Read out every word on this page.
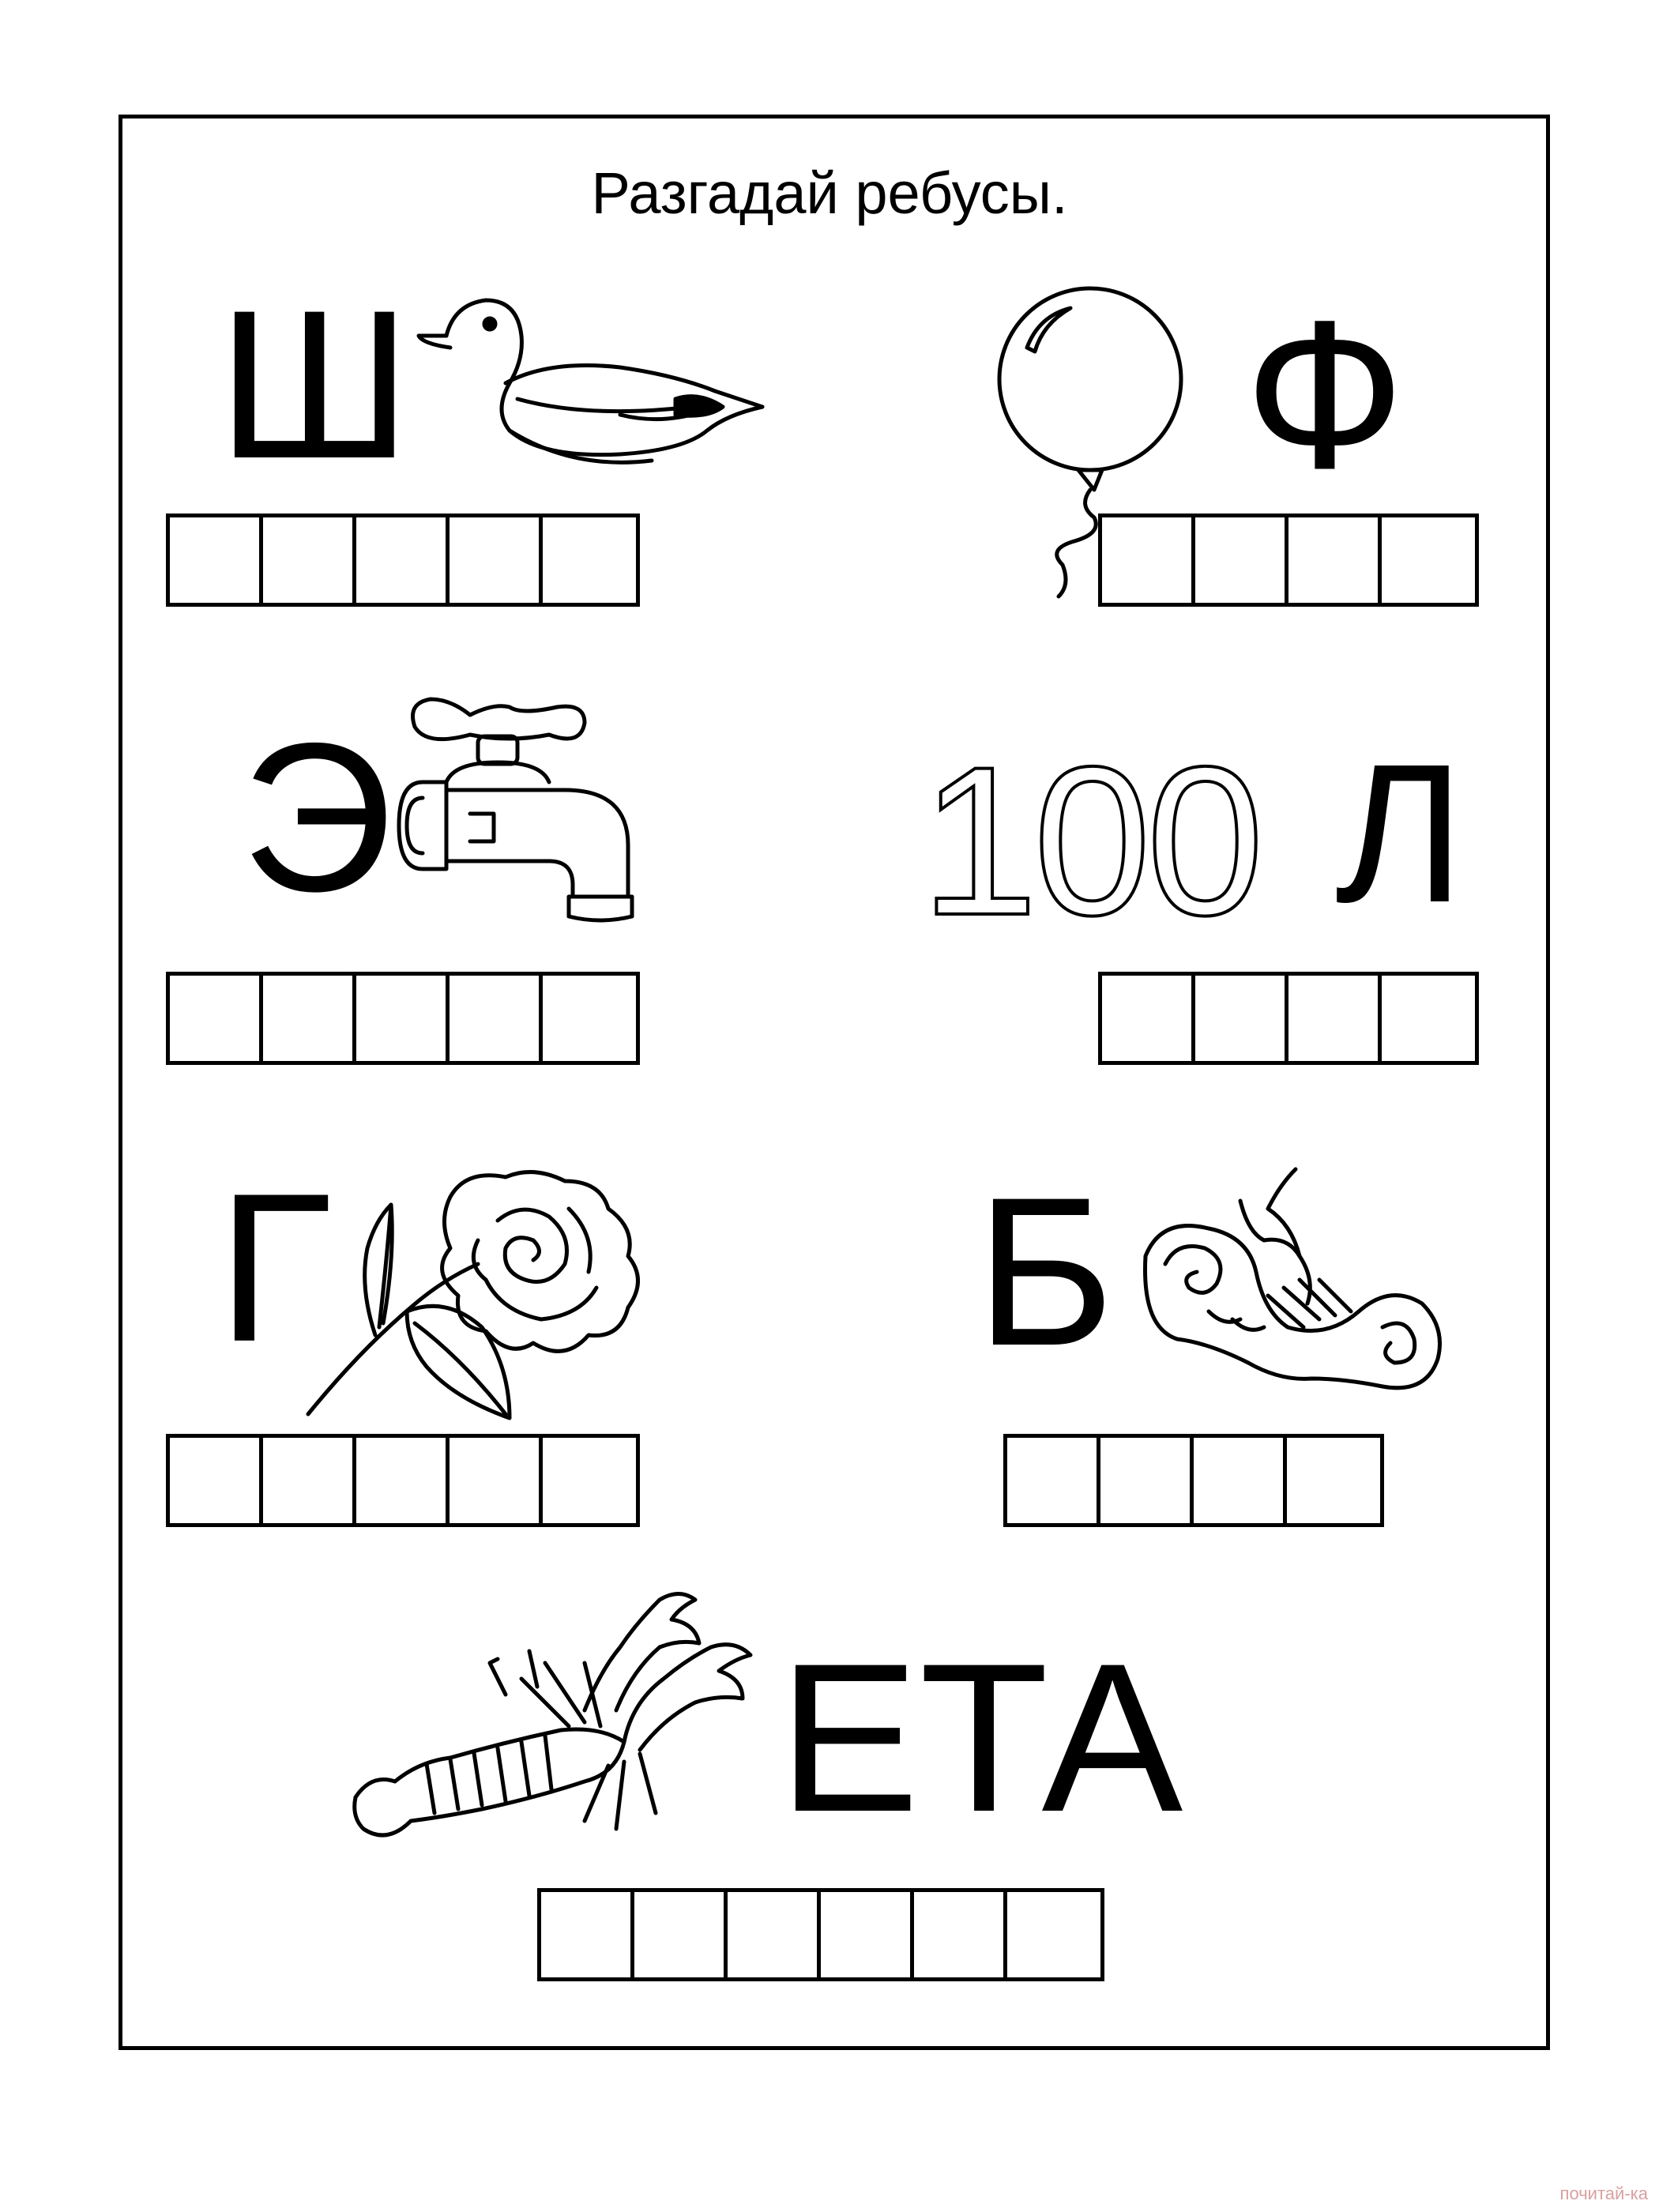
Разгадай ребусы.
Ш	Ф
Э 100 Л
Г	Б
ЕТА
почитай-ка
